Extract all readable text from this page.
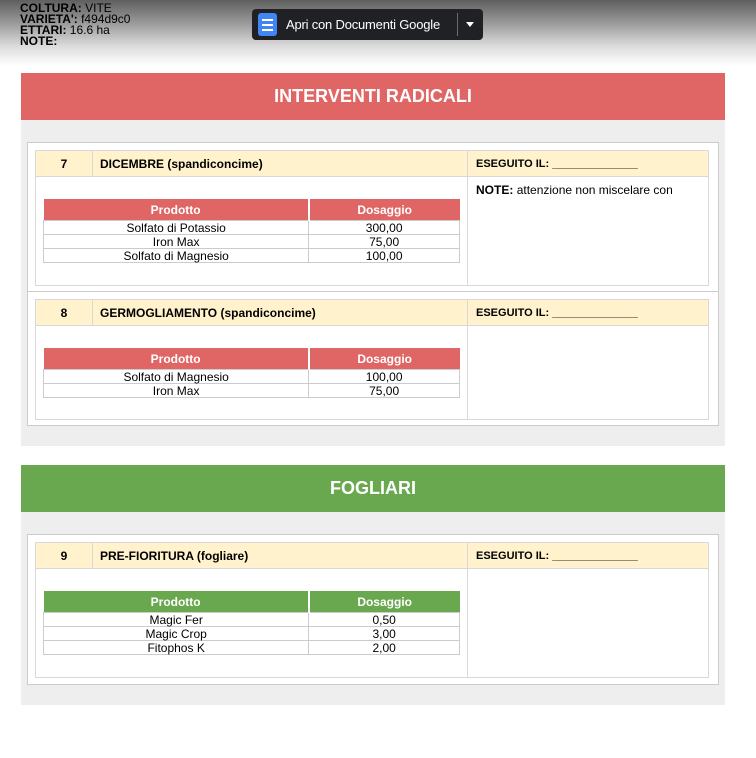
COLTURA: VITE
VARIETA': f494d9c0
ETTARI: 16.6 ha
NOTE:
Apri con Documenti Google
INTERVENTI RADICALI
7	DICEMBRE (spandiconcime)	ESEGUITO IL: ______________
NOTE: attenzione non miscelare con
Prodotto	Dosaggio
Solfato di Potassio	300,00
Iron Max	75,00
Solfato di Magnesio	100,00
8	GERMOGLIAMENTO (spandiconcime)	ESEGUITO IL: ______________
Prodotto	Dosaggio
Solfato di Magnesio	100,00
Iron Max	75,00
FOGLIARI
9	PRE-FIORITURA (fogliare)	ESEGUITO IL: ______________
Prodotto	Dosaggio
Magic Fer	0,50
Magic Crop	3,00
Fitophos K	2,00
